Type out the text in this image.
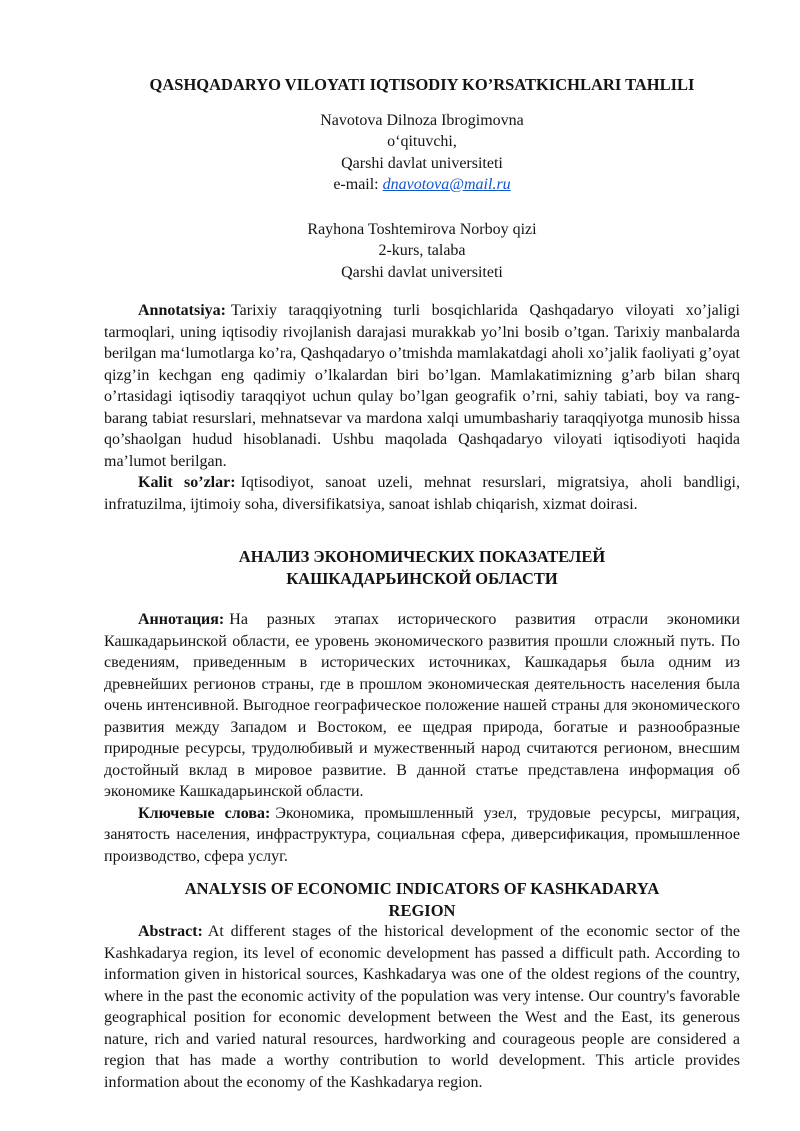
QASHQADARYO VILOYATI IQTISODIY KO’RSATKICHLARI TAHLILI
Navotova Dilnoza Ibrogimovna
o‘qituvchi,
Qarshi davlat universiteti
e-mail: dnavotova@mail.ru
Rayhona Toshtemirova Norboy qizi
2-kurs, talaba
Qarshi davlat universiteti

Annotatsiya: Tarixiy taraqqiyotning turli bosqichlarida Qashqadaryo viloyati xo’jaligi tarmoqlari, uning iqtisodiy rivojlanish darajasi murakkab yo’lni bosib o’tgan. Tarixiy manbalarda berilgan ma‘lumotlarga ko’ra, Qashqadaryo o’tmishda mamlakatdagi aholi xo’jalik faoliyati g’oyat qizg’in kechgan eng qadimiy o’lkalardan biri bo’lgan. Mamlakatimizning g’arb bilan sharq o’rtasidagi iqtisodiy taraqqiyot uchun qulay bo’lgan geografik o’rni, sahiy tabiati, boy va rang-barang tabiat resurslari, mehnatsevar va mardona xalqi umumbashariy taraqqiyotga munosib hissa qo’shaolgan hudud hisoblanadi. Ushbu maqolada Qashqadaryo viloyati iqtisodiyoti haqida ma’lumot berilgan.

Kalit so’zlar: Iqtisodiyot, sanoat uzeli, mehnat resurslari, migratsiya, aholi bandligi, infratuzilma, ijtimoiy soha, diversifikatsiya, sanoat ishlab chiqarish, xizmat doirasi.

АНАЛИЗ ЭКОНОМИЧЕСКИХ ПОКАЗАТЕЛЕЙ
КАШКАДАРЬИНСКОЙ ОБЛАСТИ

Аннотация: На разных этапах исторического развития отрасли экономики Кашкадарьинской области, ее уровень экономического развития прошли сложный путь. По сведениям, приведенным в исторических источниках, Кашкадарья была одним из древнейших регионов страны, где в прошлом экономическая деятельность населения была очень интенсивной. Выгодное географическое положение нашей страны для экономического развития между Западом и Востоком, ее щедрая природа, богатые и разнообразные природные ресурсы, трудолюбивый и мужественный народ считаются регионом, внесшим достойный вклад в мировое развитие. В данной статье представлена информация об экономике Кашкадарьинской области.

Ключевые слова: Экономика, промышленный узел, трудовые ресурсы, миграция, занятость населения, инфраструктура, социальная сфера, диверсификация, промышленное производство, сфера услуг.

ANALYSIS OF ECONOMIC INDICATORS OF KASHKADARYA
REGION

Abstract: At different stages of the historical development of the economic sector of the Kashkadarya region, its level of economic development has passed a difficult path. According to information given in historical sources, Kashkadarya was one of the oldest regions of the country, where in the past the economic activity of the population was very intense. Our country's favorable geographical position for economic development between the West and the East, its generous nature, rich and varied natural resources, hardworking and courageous people are considered a region that has made a worthy contribution to world development. This article provides information about the economy of the Kashkadarya region.
